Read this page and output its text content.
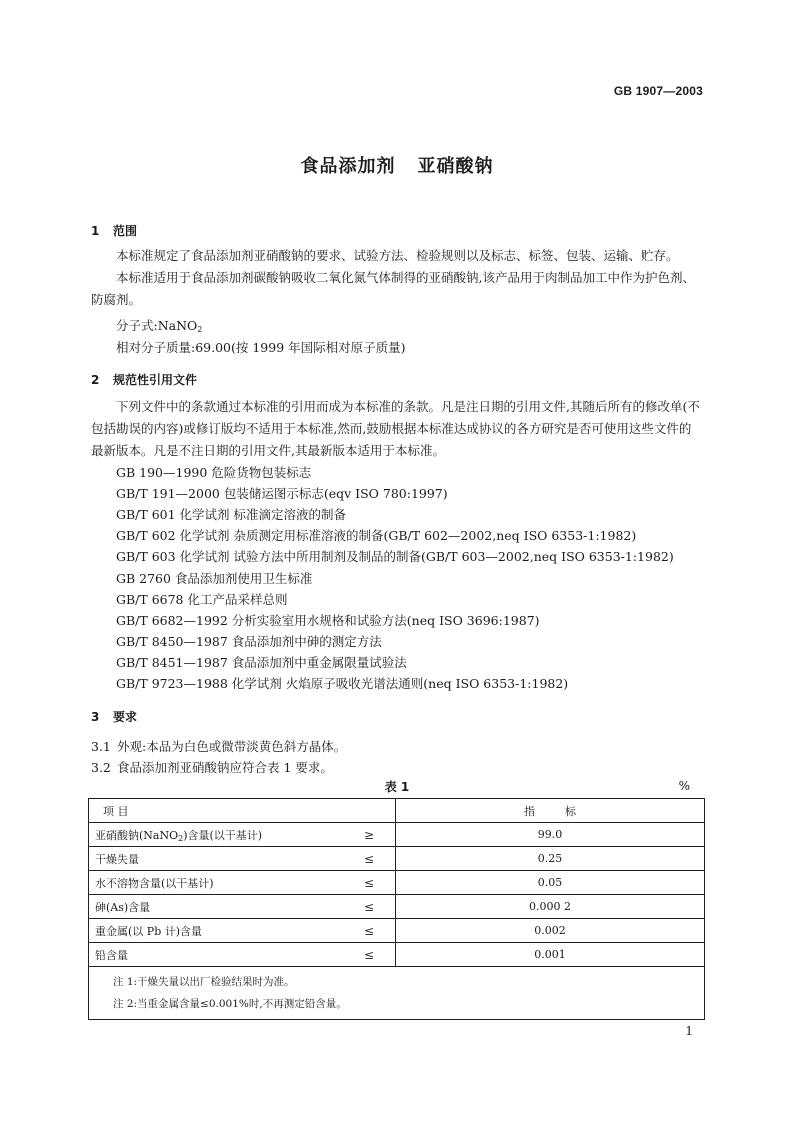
GB 1907—2003
食品添加剂 亚硝酸钠
1 范围
本标准规定了食品添加剂亚硝酸钠的要求、试验方法、检验规则以及标志、标签、包装、运输、贮存。
本标准适用于食品添加剂碳酸钠吸收二氧化氮气体制得的亚硝酸钠,该产品用于肉制品加工中作为护色剂、防腐剂。
分子式:NaNO$_2$
相对分子质量:69.00(按 1999 年国际相对原子质量)
2 规范性引用文件
下列文件中的条款通过本标准的引用而成为本标准的条款。凡是注日期的引用文件,其随后所有的修改单(不包括勘误的内容)或修订版均不适用于本标准,然而,鼓励根据本标准达成协议的各方研究是否可使用这些文件的最新版本。凡是不注日期的引用文件,其最新版本适用于本标准。
GB 190—1990 危险货物包装标志
GB/T 191—2000 包装储运图示标志(eqv ISO 780:1997)
GB/T 601 化学试剂 标准滴定溶液的制备
GB/T 602 化学试剂 杂质测定用标准溶液的制备(GB/T 602—2002,neq ISO 6353-1:1982)
GB/T 603 化学试剂 试验方法中所用制剂及制品的制备(GB/T 603—2002,neq ISO 6353-1:1982)
GB 2760 食品添加剂使用卫生标准
GB/T 6678 化工产品采样总则
GB/T 6682—1992 分析实验室用水规格和试验方法(neq ISO 3696:1987)
GB/T 8450—1987 食品添加剂中砷的测定方法
GB/T 8451—1987 食品添加剂中重金属限量试验法
GB/T 9723—1988 化学试剂 火焰原子吸收光谱法通则(neq ISO 6353-1:1982)
3 要求
3.1 外观:本品为白色或微带淡黄色斜方晶体。
3.2 食品添加剂亚硝酸钠应符合表 1 要求。
表 1	%
项 目		指 标
亚硝酸钠(NaNO$_2$)含量(以干基计)	≥	99.0
干燥失量	≤	0.25
水不溶物含量(以干基计)	≤	0.05
砷(As)含量	≤	0.000 2
重金属(以 Pb 计)含量	≤	0.002
铅含量	≤	0.001

注 1:干燥失量以出厂检验结果时为准。
注 2:当重金属含量≤0.001%时,不再测定铅含量。		
1
